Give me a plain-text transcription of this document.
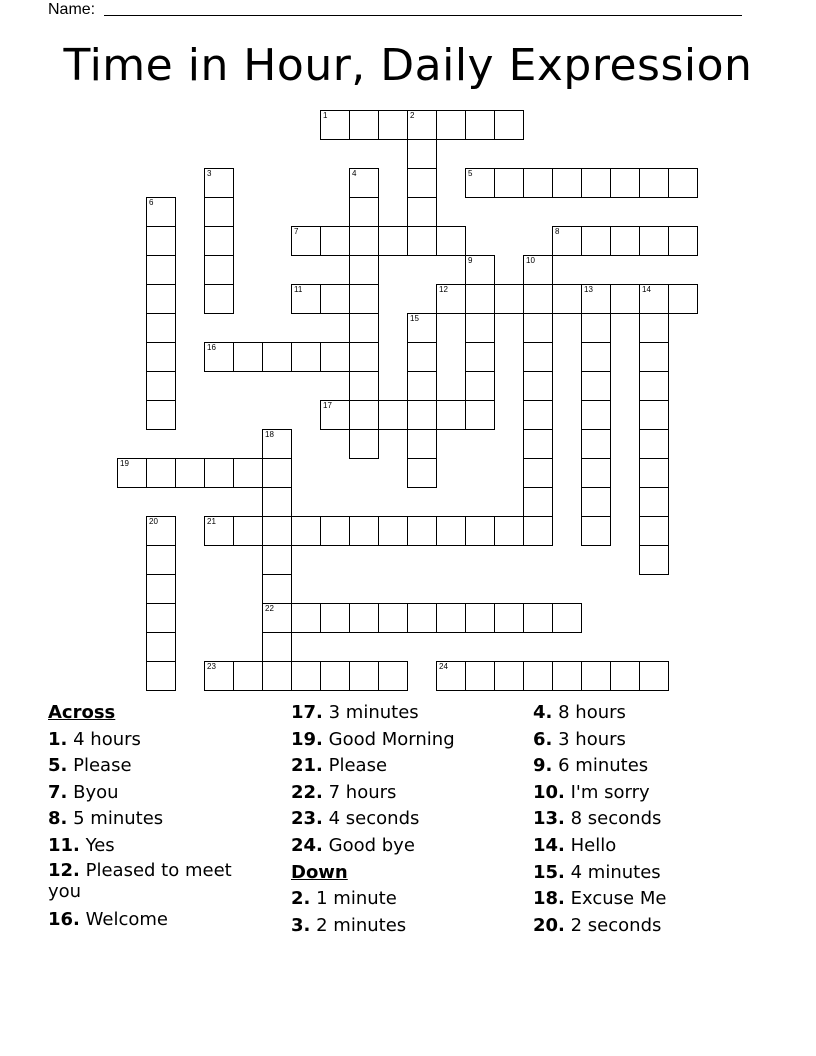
Name:
Time in Hour, Daily Expression
1	2
3	4	5
6
7	8
9	10
11	12	13	14
15
16
17
18
19
20	21
22
23	24
Across
1. 4 hours
5. Please
7. Byou
8. 5 minutes
11. Yes
12. Pleased to meet you
16. Welcome
17. 3 minutes
19. Good Morning
21. Please
22. 7 hours
23. 4 seconds
24. Good bye
Down
2. 1 minute
3. 2 minutes
4. 8 hours
6. 3 hours
9. 6 minutes
10. I'm sorry
13. 8 seconds
14. Hello
15. 4 minutes
18. Excuse Me
20. 2 seconds
